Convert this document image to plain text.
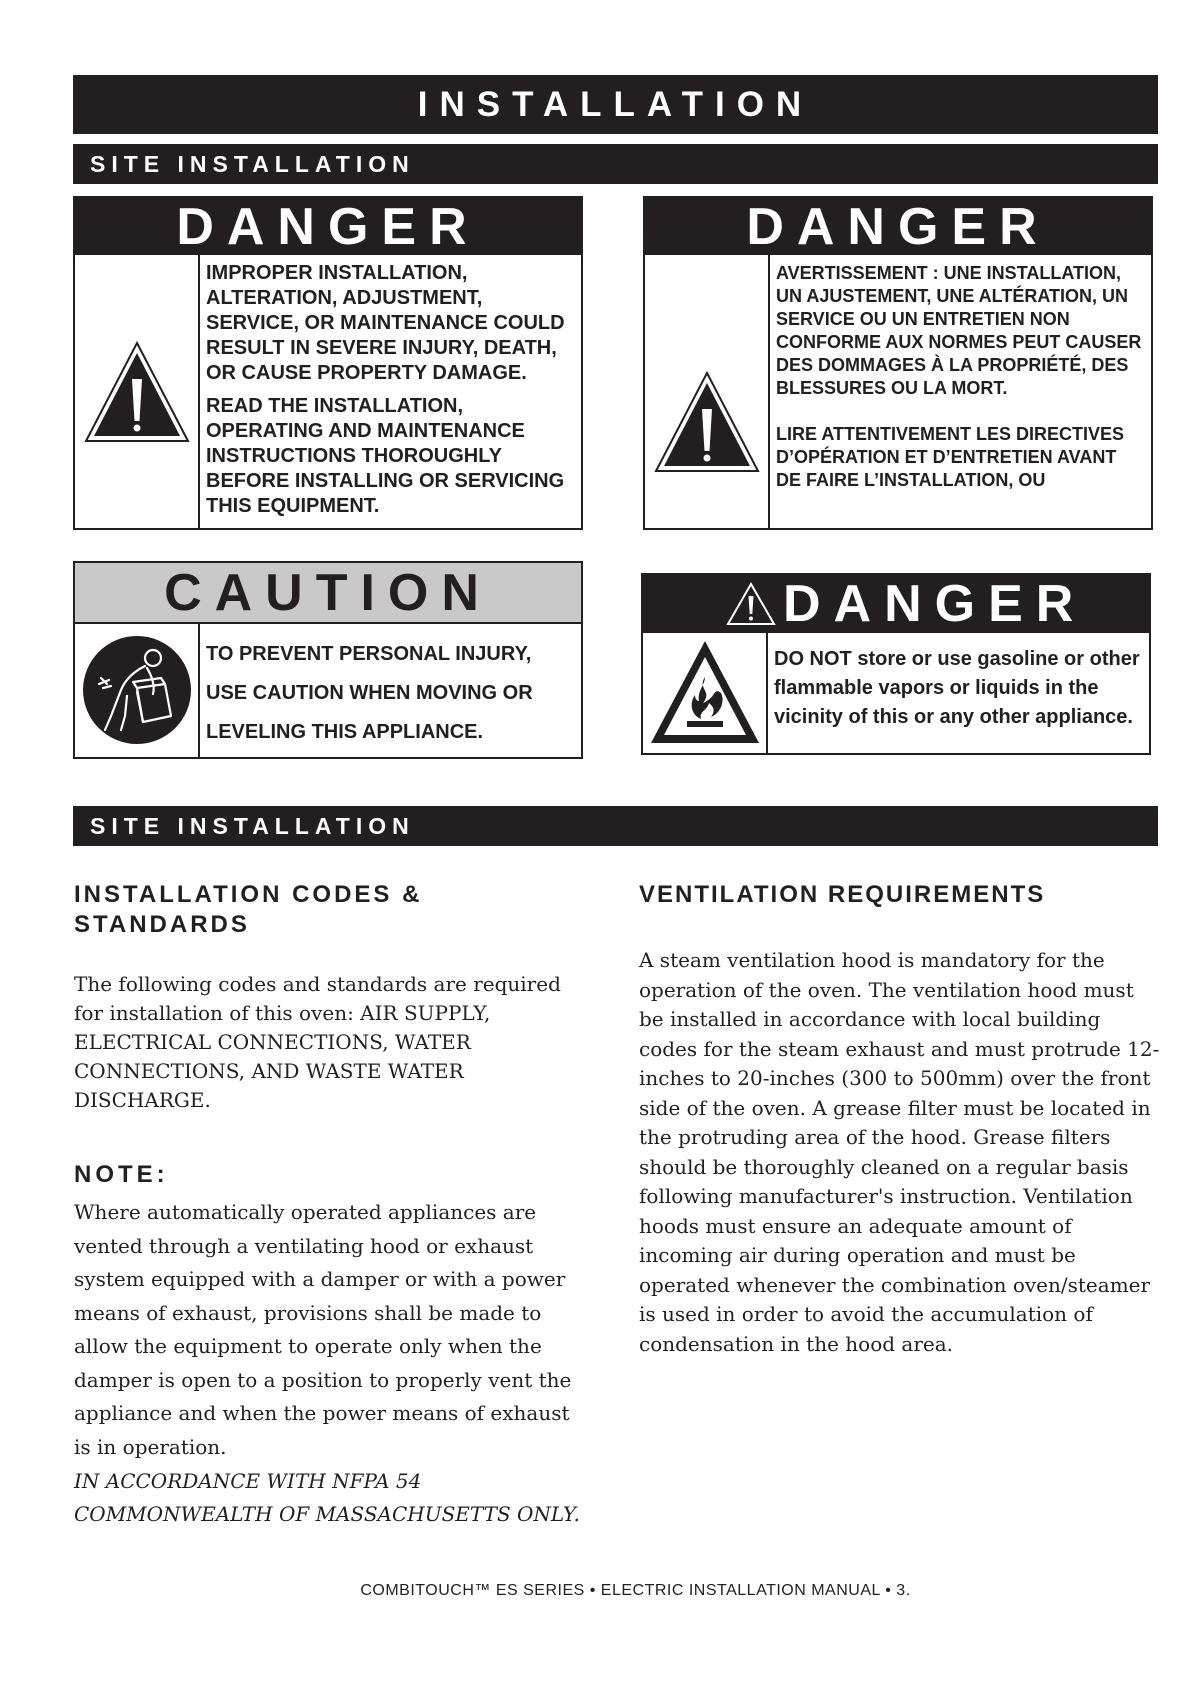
INSTALLATION
SITE INSTALLATION
DANGER

IMPROPER INSTALLATION, ALTERATION, ADJUSTMENT, SERVICE, OR MAINTENANCE COULD RESULT IN SEVERE INJURY, DEATH, OR CAUSE PROPERTY DAMAGE.

READ THE INSTALLATION, OPERATING AND MAINTENANCE INSTRUCTIONS THOROUGHLY BEFORE INSTALLING OR SERVICING THIS EQUIPMENT.

DANGER

AVERTISSEMENT : UNE INSTALLATION, UN AJUSTEMENT, UNE ALTÉRATION, UN SERVICE OU UN ENTRETIEN NON CONFORME AUX NORMES PEUT CAUSER

DES DOMMAGES À LA PROPRIÉTÉ, DES BLESSURES OU LA MORT.

LIRE ATTENTIVEMENT LES DIRECTIVES D’OPÉRATION ET D’ENTRETIEN AVANT DE FAIRE L’INSTALLATION, OU

CAUTION

TO PREVENT PERSONAL INJURY,

USE CAUTION WHEN MOVING OR

LEVELING THIS APPLIANCE.

DANGER

DO NOT store or use gasoline or other flammable vapors or liquids in the vicinity of this or any other appliance.

SITE INSTALLATION
INSTALLATION CODES & STANDARDS
The following codes and standards are required for installation of this oven: AIR SUPPLY, ELECTRICAL CONNECTIONS, WATER CONNECTIONS, AND WASTE WATER DISCHARGE.
NOTE:
Where automatically operated appliances are vented through a ventilating hood or exhaust system equipped with a damper or with a power means of exhaust, provisions shall be made to allow the equipment to operate only when the damper is open to a position to properly vent the appliance and when the power means of exhaust is in operation.
IN ACCORDANCE WITH NFPA 54 COMMONWEALTH OF MASSACHUSETTS ONLY.
VENTILATION REQUIREMENTS
A steam ventilation hood is mandatory for the operation of the oven. The ventilation hood must be installed in accordance with local building codes for the steam exhaust and must protrude 12-inches to 20-inches (300 to 500mm) over the front side of the oven. A grease filter must be located in the protruding area of the hood. Grease filters should be thoroughly cleaned on a regular basis following manufacturer's instruction. Ventilation hoods must ensure an adequate amount of incoming air during operation and must be operated whenever the combination oven/steamer is used in order to avoid the accumulation of condensation in the hood area.
COMBITOUCH™ ES SERIES • ELECTRIC INSTALLATION MANUAL • 3.
